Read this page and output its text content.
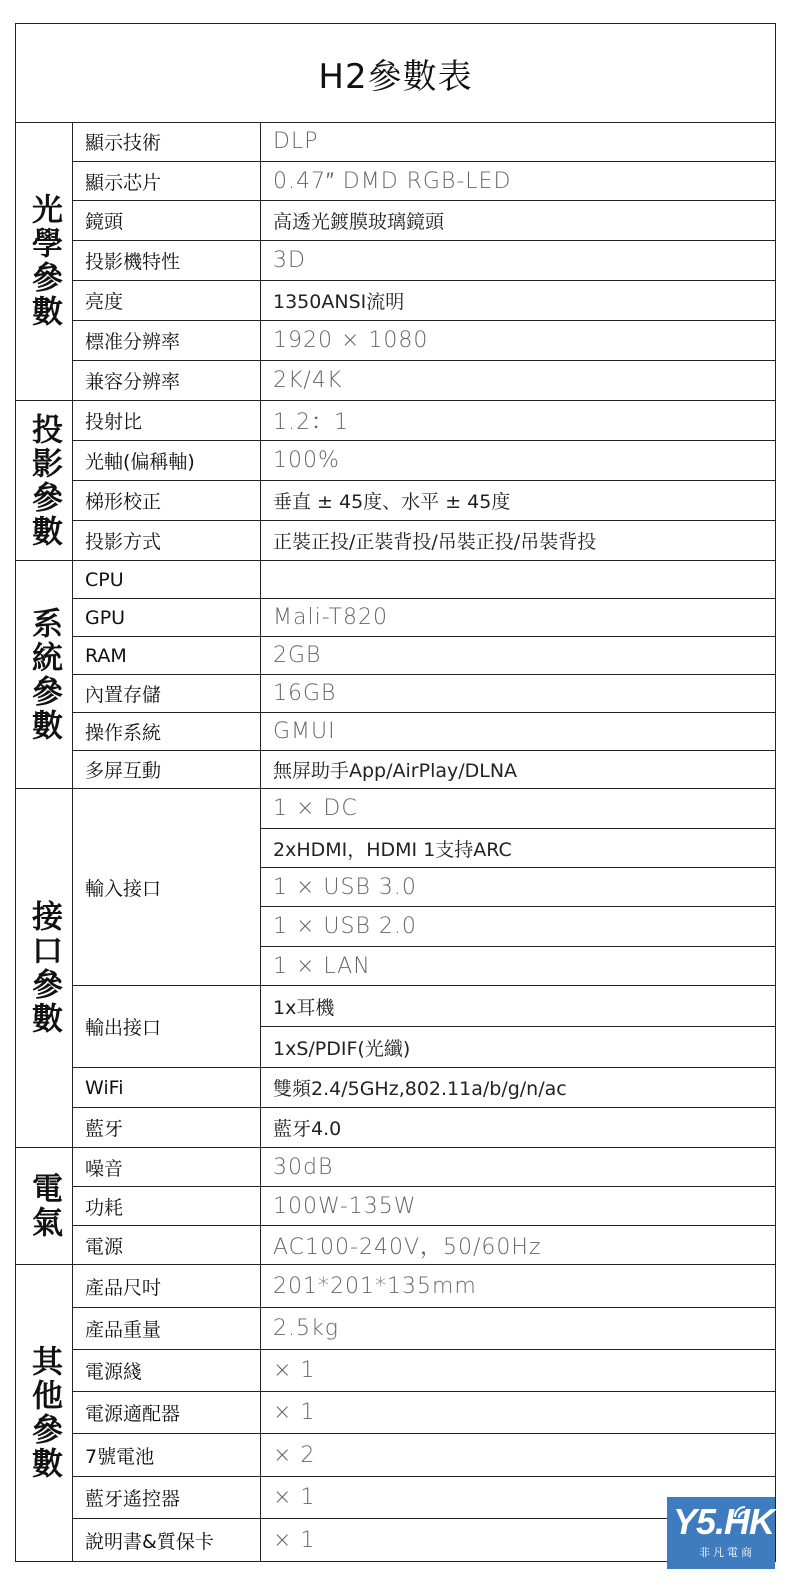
H2參數表
光學參數
投影參數
系統參數
接口參數
電氣
其他參數
顯示技術
顯示芯片
鏡頭
投影機特性
亮度
標准分辨率
兼容分辨率
投射比
光軸(偏稱軸)
梯形校正
投影方式
CPU
GPU
RAM
內置存儲
操作系統
多屏互動
輸入接口
輸出接口
WiFi
藍牙
噪音
功耗
電源
產品尺吋
產品重量
電源綫
電源適配器
7號電池
藍牙遙控器
說明書&質保卡
DLP
0.47″ DMD RGB-LED
高透光鍍膜玻璃鏡頭
3D
1350ANSI流明
1920 × 1080
2K/4K
1.2：1
100%
垂直 ± 45度、水平 ± 45度
正裝正投/正裝背投/吊裝正投/吊裝背投
Mali-T820
2GB
16GB
GMUI
無屏助手App/AirPlay/DLNA
1 × DC
2xHDMI，HDMI 1支持ARC
1 × USB 3.0
1 × USB 2.0
1 × LAN
1x耳機
1xS/PDIF(光纖)
雙頻2.4/5GHz,802.11a/b/g/n/ac
藍牙4.0
30dB
100W-135W
AC100-240V，50/60Hz
201*201*135mm
2.5kg
× 1
× 1
× 2
× 1
× 1	Y5.HK
非凡電商
